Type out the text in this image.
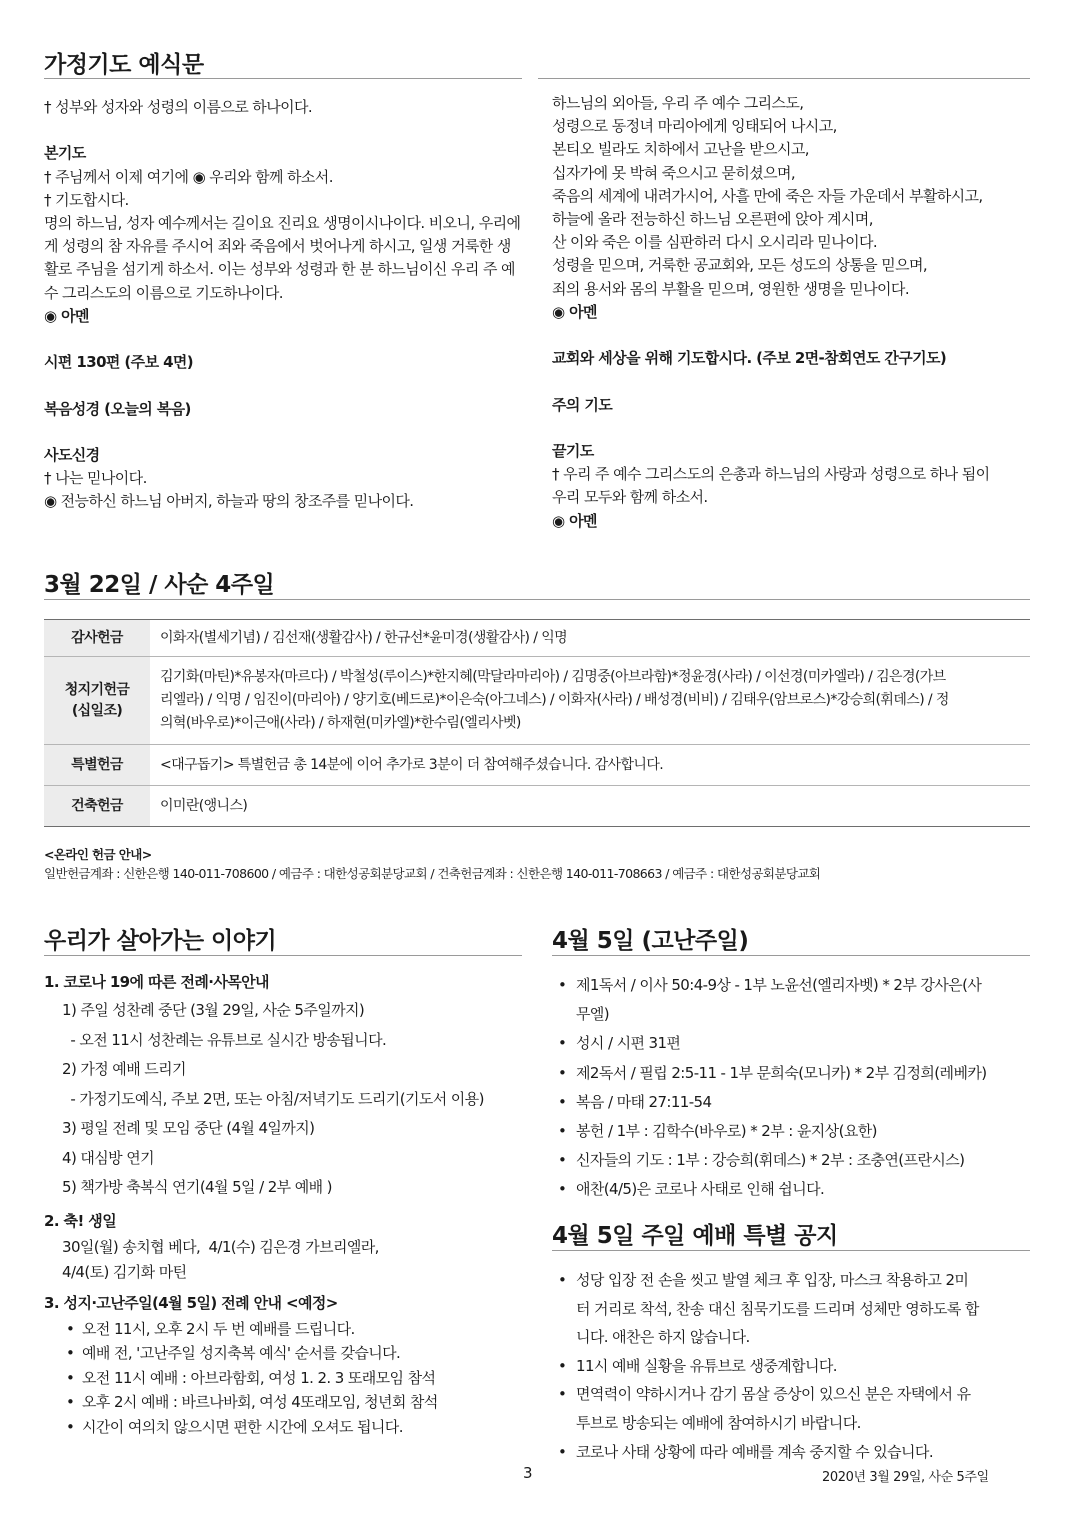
가정기도 예식문
† 성부와 성자와 성령의 이름으로 하나이다.
본기도
† 주님께서 이제 여기에 ◉ 우리와 함께 하소서.
† 기도합시다.
명의 하느님, 성자 예수께서는 길이요 진리요 생명이시나이다. 비오니, 우리에
게 성령의 참 자유를 주시어 죄와 죽음에서 벗어나게 하시고, 일생 거룩한 생
활로 주님을 섬기게 하소서. 이는 성부와 성령과 한 분 하느님이신 우리 주 예
수 그리스도의 이름으로 기도하나이다.
◉ 아멘
시편 130편 (주보 4면)
복음성경 (오늘의 복음)
사도신경
† 나는 믿나이다.
◉ 전능하신 하느님 아버지, 하늘과 땅의 창조주를 믿나이다.
하느님의 외아들, 우리 주 예수 그리스도,
성령으로 동정녀 마리아에게 잉태되어 나시고,
본티오 빌라도 치하에서 고난을 받으시고,
십자가에 못 박혀 죽으시고 묻히셨으며,
죽음의 세계에 내려가시어, 사흘 만에 죽은 자들 가운데서 부활하시고,
하늘에 올라 전능하신 하느님 오른편에 앉아 계시며,
산 이와 죽은 이를 심판하러 다시 오시리라 믿나이다.
성령을 믿으며, 거룩한 공교회와, 모든 성도의 상통을 믿으며,
죄의 용서와 몸의 부활을 믿으며, 영원한 생명을 믿나이다.
◉ 아멘
교회와 세상을 위해 기도합시다. (주보 2면-참회연도 간구기도)
주의 기도
끝기도
† 우리 주 예수 그리스도의 은총과 하느님의 사랑과 성령으로 하나 됨이
우리 모두와 함께 하소서.
◉ 아멘
3월 22일 / 사순 4주일
감사헌금	이화자(별세기념) / 김선재(생활감사) / 한규선*윤미경(생활감사) / 익명
청지기헌금
(십일조)	김기화(마틴)*유봉자(마르다) / 박철성(루이스)*한지혜(막달라마리아) / 김명중(아브라함)*정윤경(사라) / 이선경(미카엘라) / 김은경(가브
리엘라) / 익명 / 임진이(마리아) / 양기호(베드로)*이은숙(아그네스) / 이화자(사라) / 배성경(비비) / 김태우(암브로스)*강승희(휘데스) / 정
의혁(바우로)*이근애(사라) / 하재현(미카엘)*한수림(엘리사벳)
특별헌금	<대구돕기> 특별헌금 총 14분에 이어 추가로 3분이 더 참여해주셨습니다. 감사합니다.
건축헌금	이미란(앵니스)
<온라인 헌금 안내>
일반헌금계좌 : 신한은행 140-011-708600 / 예금주 : 대한성공회분당교회 / 건축헌금계좌 : 신한은행 140-011-708663 / 예금주 : 대한성공회분당교회
우리가 살아가는 이야기
1. 코로나 19에 따른 전례·사목안내
1) 주일 성찬례 중단 (3월 29일, 사순 5주일까지)
- 오전 11시 성찬례는 유튜브로 실시간 방송됩니다.
2) 가정 예배 드리기
- 가정기도예식, 주보 2면, 또는 아침/저녁기도 드리기(기도서 이용)
3) 평일 전례 및 모임 중단 (4월 4일까지)
4) 대심방 연기
5) 책가방 축복식 연기(4월 5일 / 2부 예배 )
2. 축! 생일
30일(월) 송치협 베다,  4/1(수) 김은경 가브리엘라,
4/4(토) 김기화 마틴
3. 성지·고난주일(4월 5일) 전례 안내 <예정>
• 오전 11시, 오후 2시 두 번 예배를 드립니다.
• 예배 전, '고난주일 성지축복 예식' 순서를 갖습니다.
• 오전 11시 예배 : 아브라함회, 여성 1. 2. 3 또래모임 참석
• 오후 2시 예배 : 바르나바회, 여성 4또래모임, 청년회 참석
• 시간이 여의치 않으시면 편한 시간에 오셔도 됩니다.
4월 5일 (고난주일)
• 제1독서 / 이사 50:4-9상 - 1부 노윤선(엘리자벳) * 2부 강사은(사
무엘)
• 성시 / 시편 31편
• 제2독서 / 필립 2:5-11 - 1부 문희숙(모니카) * 2부 김정희(레베카)
• 복음 / 마태 27:11-54
• 봉헌 / 1부 : 김학수(바우로) * 2부 : 윤지상(요한)
• 신자들의 기도 : 1부 : 강승희(휘데스) * 2부 : 조충연(프란시스)
• 애찬(4/5)은 코로나 사태로 인해 쉽니다.
4월 5일 주일 예배 특별 공지
• 성당 입장 전 손을 씻고 발열 체크 후 입장, 마스크 착용하고 2미
터 거리로 착석, 찬송 대신 침묵기도를 드리며 성체만 영하도록 합
니다. 애찬은 하지 않습니다.
• 11시 예배 실황을 유튜브로 생중계합니다.
• 면역력이 약하시거나 감기 몸살 증상이 있으신 분은 자택에서 유
투브로 방송되는 예배에 참여하시기 바랍니다.
• 코로나 사태 상황에 따라 예배를 계속 중지할 수 있습니다.
3	2020년 3월 29일, 사순 5주일
